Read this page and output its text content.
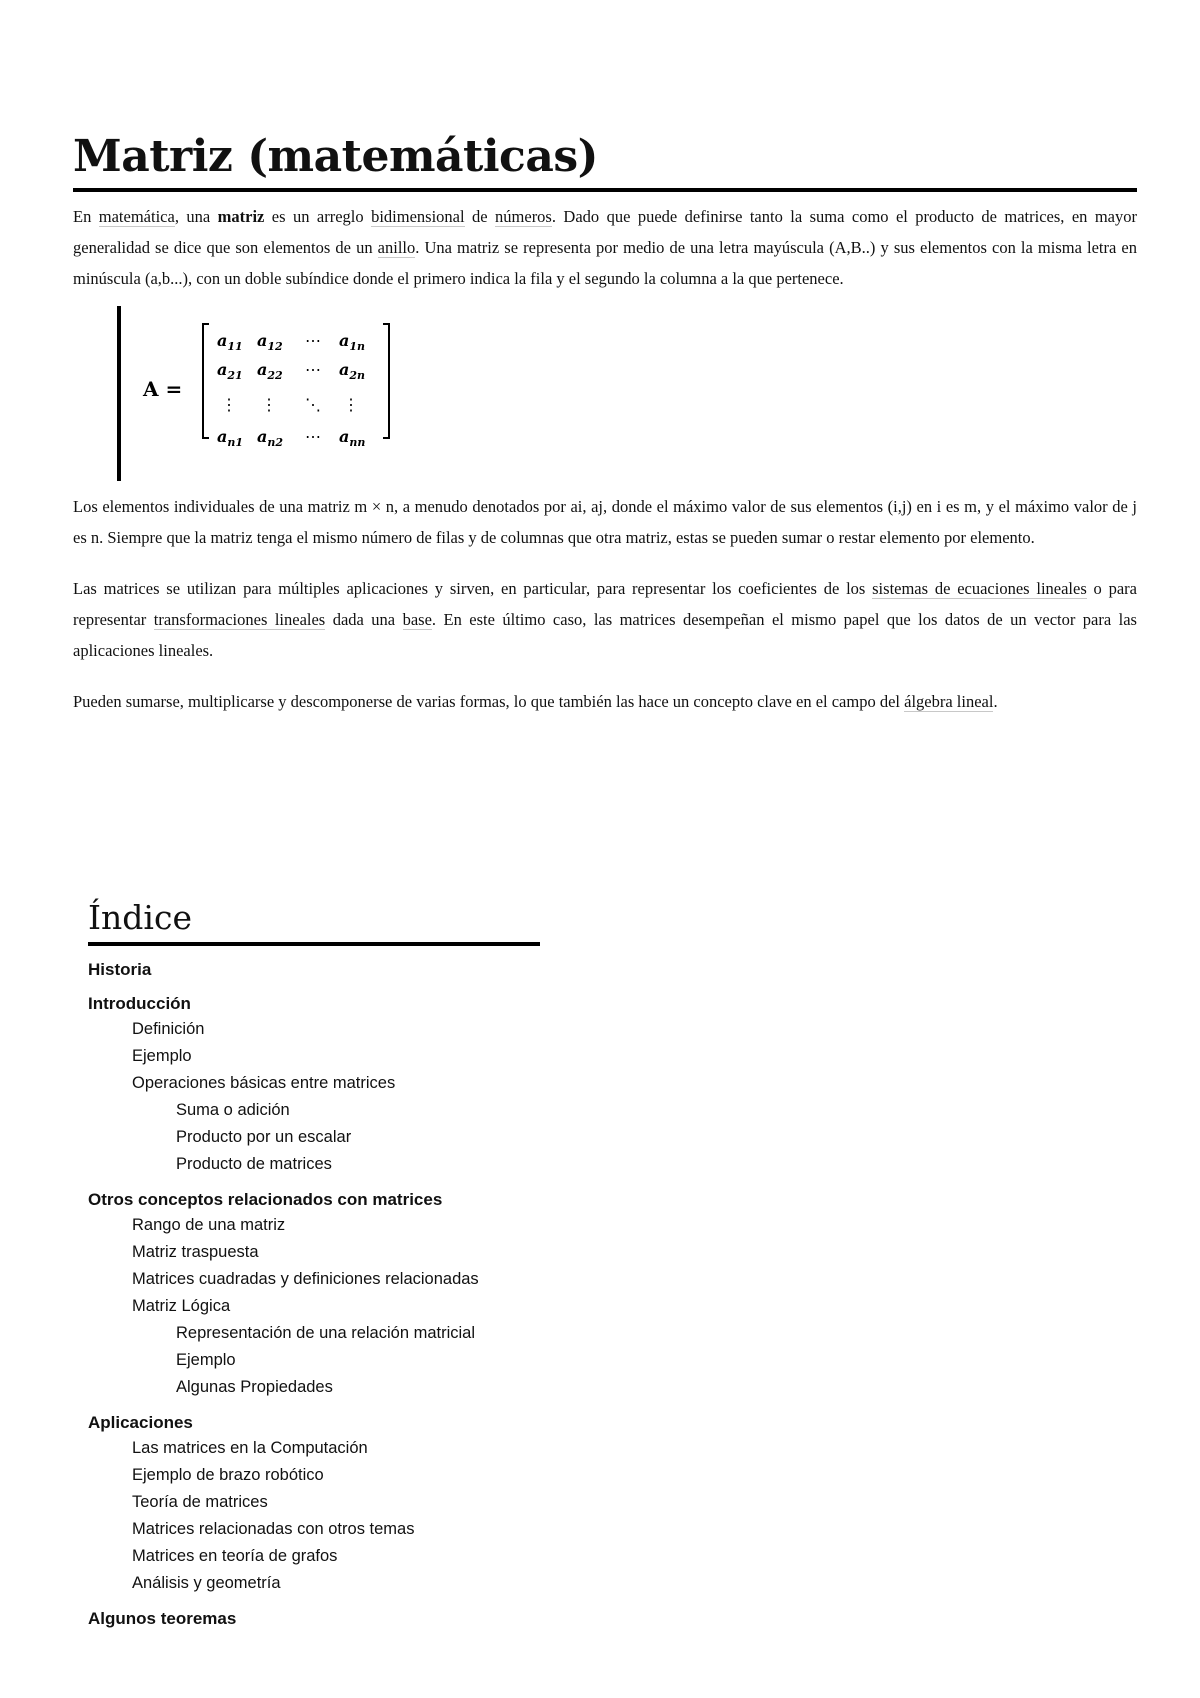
Matriz (matemáticas)

En matemática, una matriz es un arreglo bidimensional de números. Dado que puede definirse tanto la suma como el producto de matrices, en mayor generalidad se dice que son elementos de un anillo. Una matriz se representa por medio de una letra mayúscula (A,B..) y sus elementos con la misma letra en minúscula (a,b...), con un doble subíndice donde el primero indica la fila y el segundo la columna a la que pertenece.

A =
$a_{11}$ $a_{12}$ ⋯ $a_{1n}$
$a_{21}$ $a_{22}$ ⋯ $a_{2n}$
⋮ ⋮ ⋱ ⋮
$a_{n1}$ $a_{n2}$ ⋯ $a_{nn}$

Los elementos individuales de una matriz m × n, a menudo denotados por ai, aj, donde el máximo valor de sus elementos (i,j) en i es m, y el máximo valor de j es n. Siempre que la matriz tenga el mismo número de filas y de columnas que otra matriz, estas se pueden sumar o restar elemento por elemento.

Las matrices se utilizan para múltiples aplicaciones y sirven, en particular, para representar los coeficientes de los sistemas de ecuaciones lineales o para representar transformaciones lineales dada una base. En este último caso, las matrices desempeñan el mismo papel que los datos de un vector para las aplicaciones lineales.

Pueden sumarse, multiplicarse y descomponerse de varias formas, lo que también las hace un concepto clave en el campo del álgebra lineal.

Índice
Historia
Introducción
Definición
Ejemplo
Operaciones básicas entre matrices
Suma o adición
Producto por un escalar
Producto de matrices
Otros conceptos relacionados con matrices
Rango de una matriz
Matriz traspuesta
Matrices cuadradas y definiciones relacionadas
Matriz Lógica
Representación de una relación matricial
Ejemplo
Algunas Propiedades
Aplicaciones
Las matrices en la Computación
Ejemplo de brazo robótico
Teoría de matrices
Matrices relacionadas con otros temas
Matrices en teoría de grafos
Análisis y geometría
Algunos teoremas
